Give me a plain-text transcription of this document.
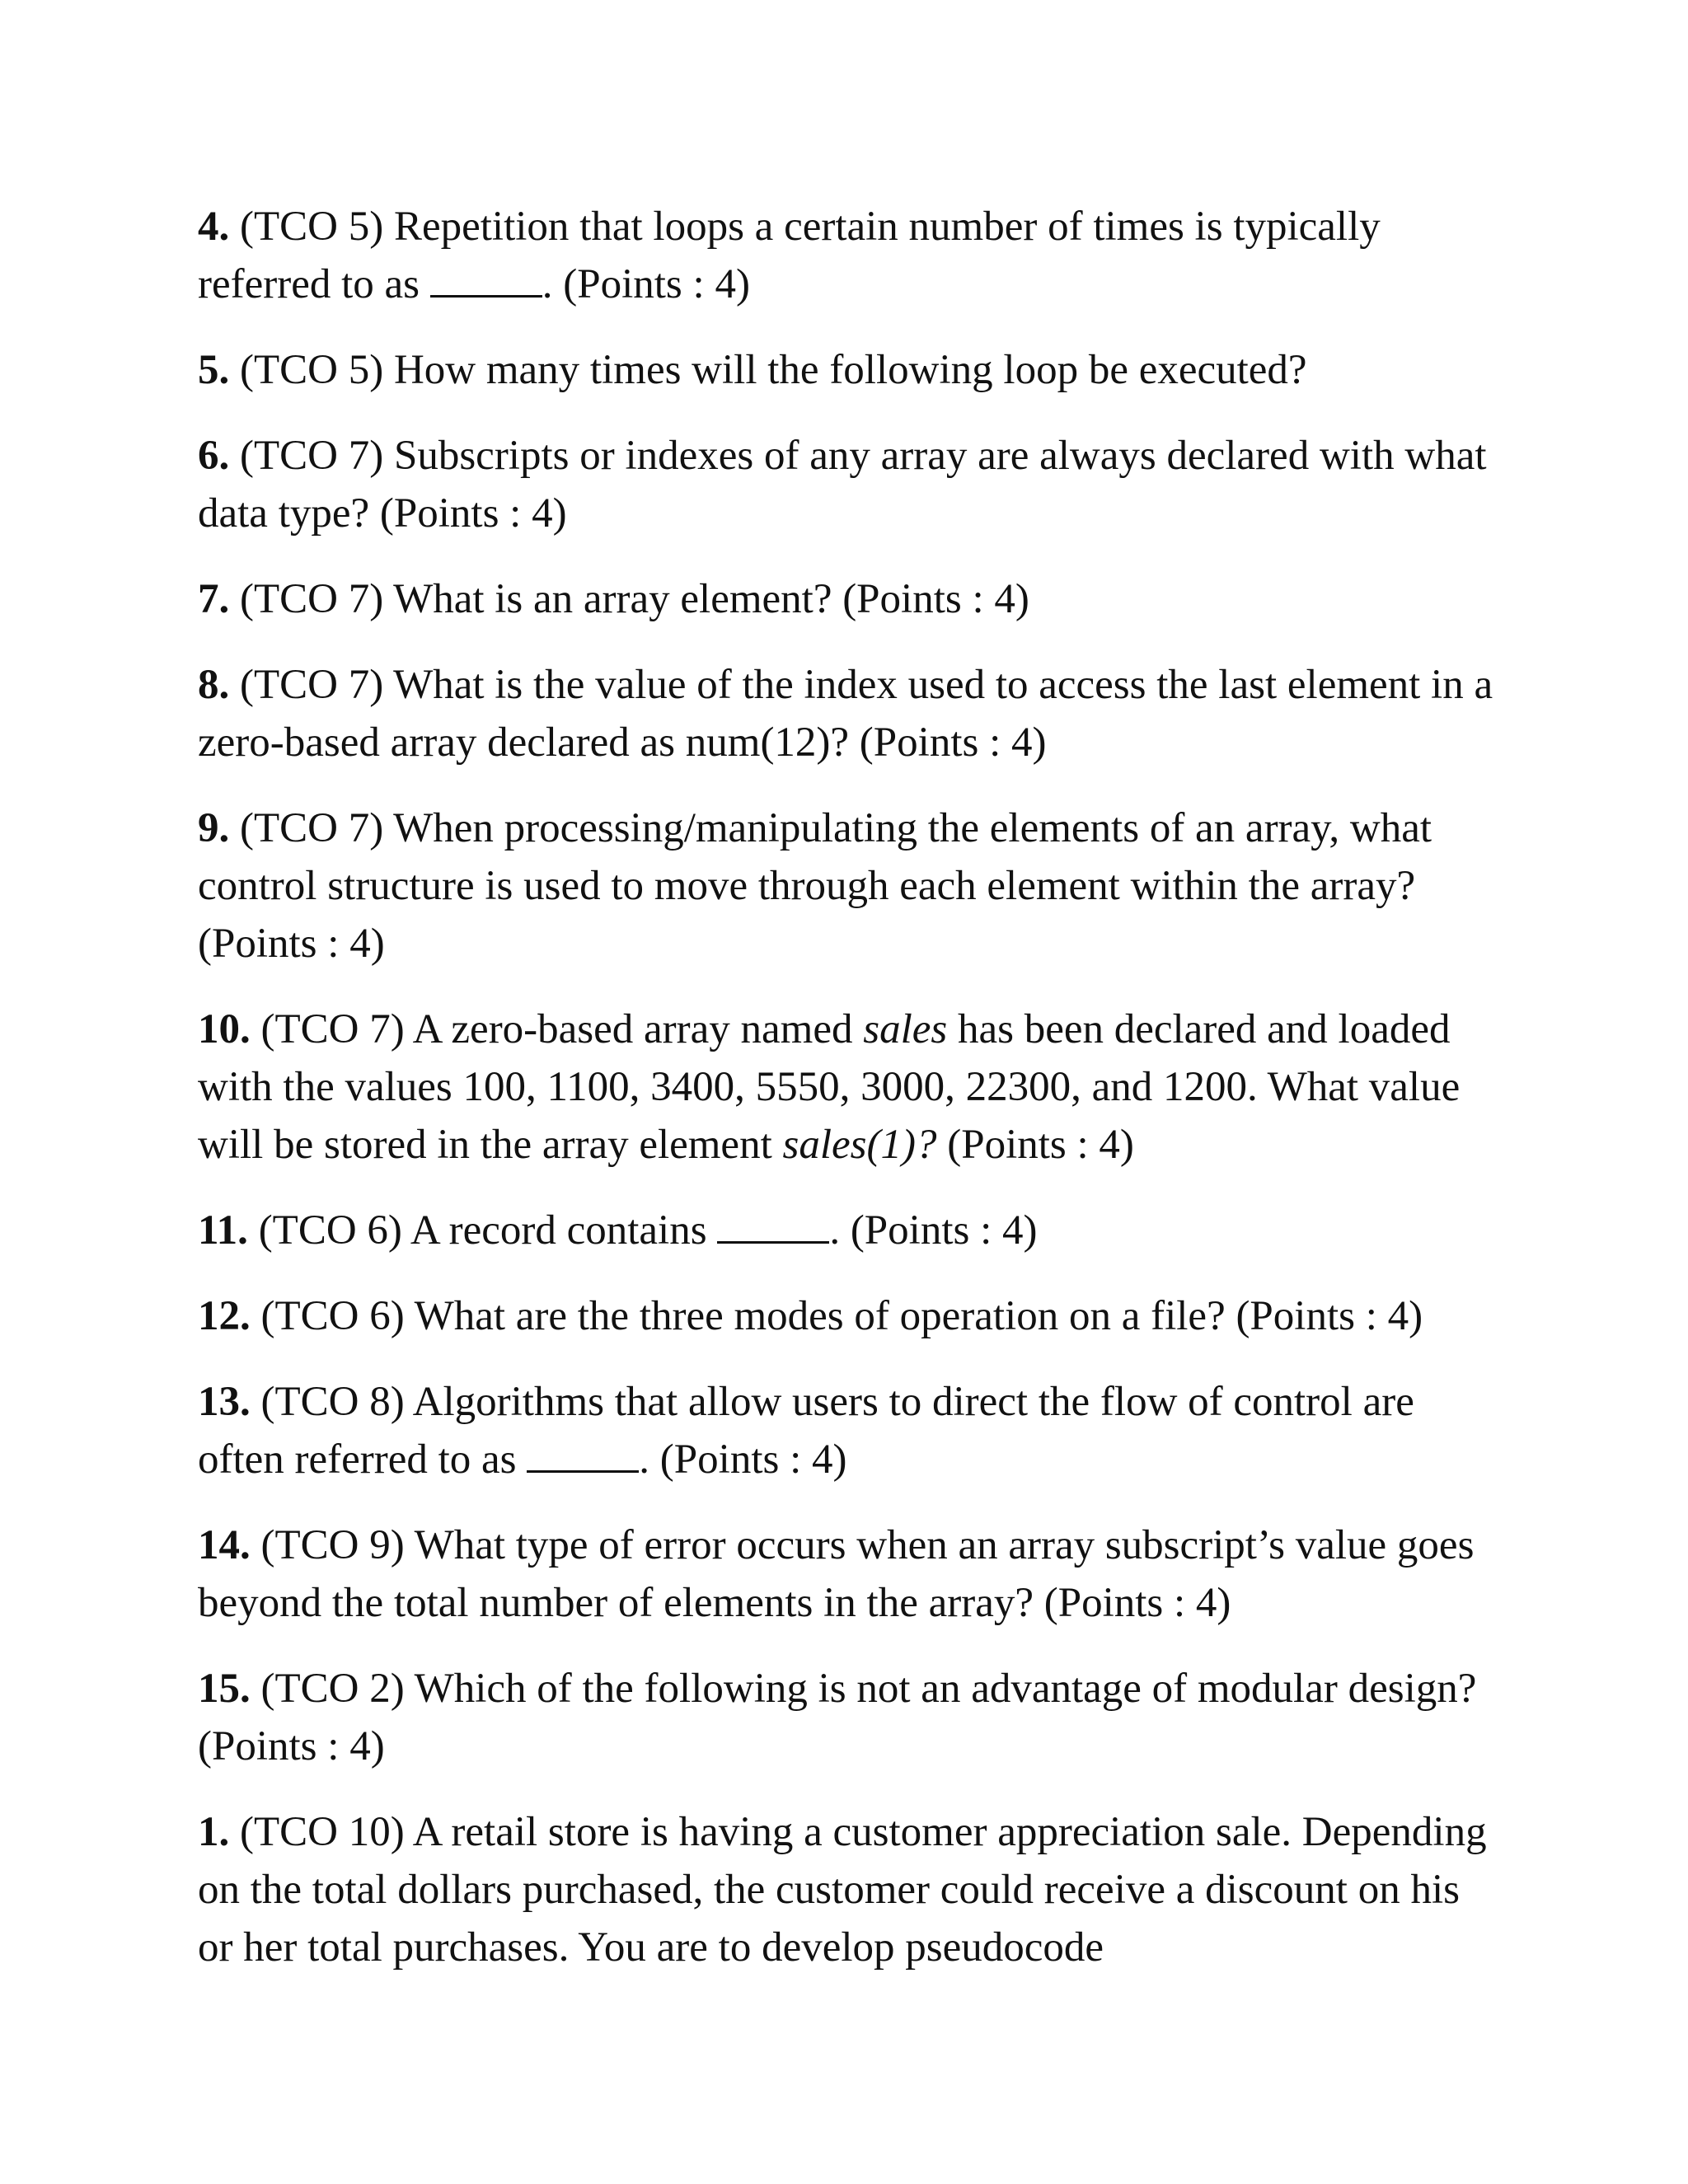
4. (TCO 5) Repetition that loops a certain number of times is typically referred to as	. (Points : 4)

5. (TCO 5) How many times will the following loop be executed?

6. (TCO 7) Subscripts or indexes of any array are always declared with what data type? (Points : 4)

7. (TCO 7) What is an array element? (Points : 4)

8. (TCO 7) What is the value of the index used to access the last element in a zero-based array declared as num(12)? (Points : 4)

9. (TCO 7) When processing/manipulating the elements of an array, what control structure is used to move through each element within the array? (Points : 4)

10. (TCO 7) A zero-based array named sales has been declared and loaded with the values 100, 1100, 3400, 5550, 3000, 22300, and 1200. What value will be stored in the array element sales(1)? (Points : 4)

11. (TCO 6) A record contains	. (Points : 4)

12. (TCO 6) What are the three modes of operation on a file? (Points : 4)

13. (TCO 8) Algorithms that allow users to direct the flow of control are often referred to as	. (Points : 4)

14. (TCO 9) What type of error occurs when an array subscript’s value goes beyond the total number of elements in the array? (Points : 4)

15. (TCO 2) Which of the following is not an advantage of modular design? (Points : 4)

1. (TCO 10) A retail store is having a customer appreciation sale. Depending on the total dollars purchased, the customer could receive a discount on his or her total purchases. You are to develop pseudocode
